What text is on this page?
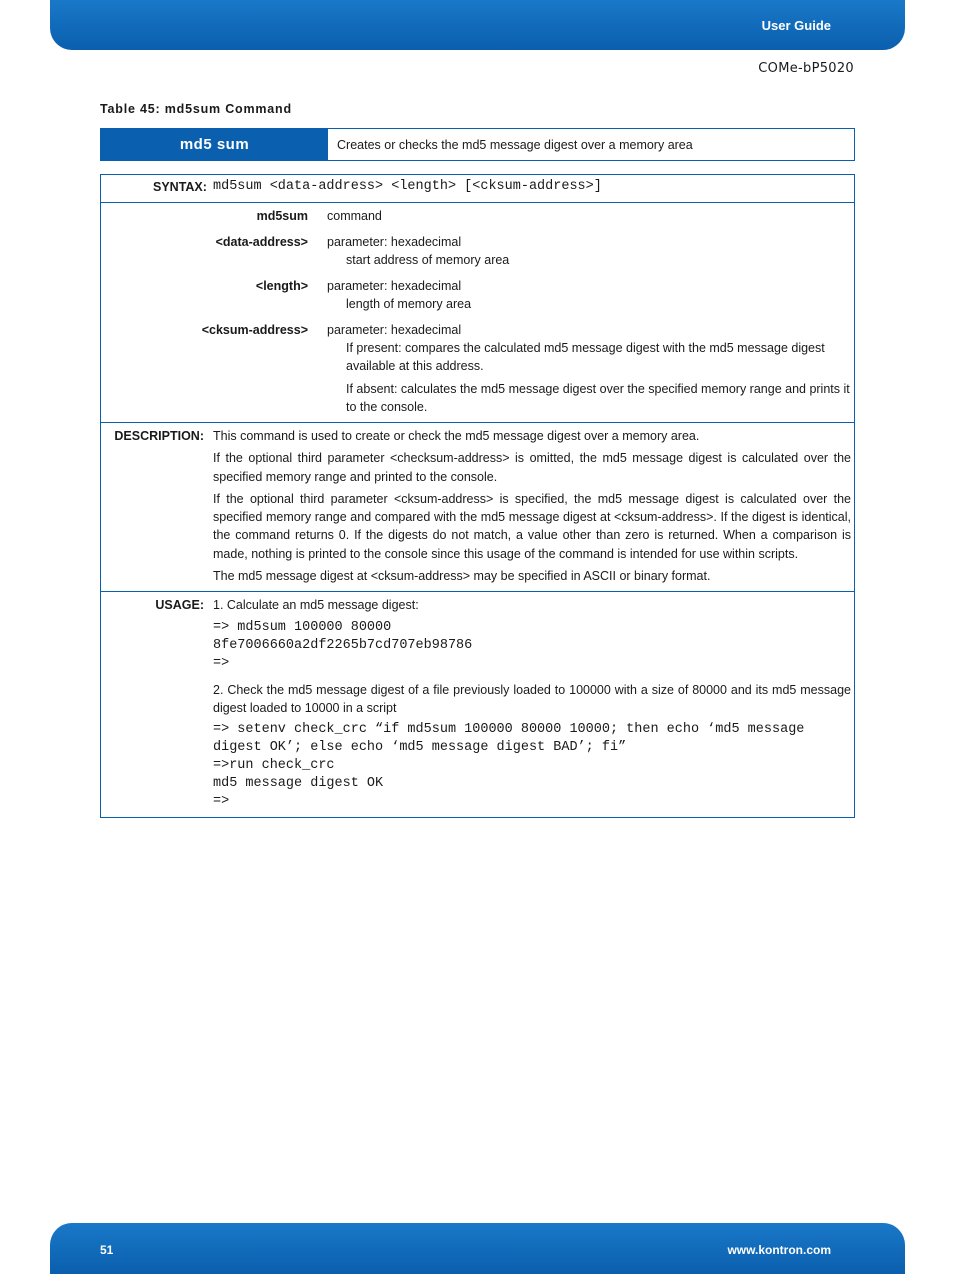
User Guide
COMe-bP5020
Table 45: md5sum Command
md5 sum	Creates or checks the md5 message digest over a memory area
SYNTAX: md5sum <data-address> <length> [<cksum-address>]
md5sum	command
<data-address>	parameter: hexadecimal
start address of memory area
<length>	parameter: hexadecimal
length of memory area
<cksum-address>	parameter: hexadecimal
If present: compares the calculated md5 message digest with the md5 message digest available at this address.
If absent: calculates the md5 message digest over the specified memory range and prints it to the console.
DESCRIPTION: This command is used to create or check the md5 message digest over a memory area.

If the optional third parameter <checksum-address> is omitted, the md5 message digest is calculated over the specified memory range and printed to the console.

If the optional third parameter <cksum-address> is specified, the md5 message digest is calculated over the specified memory range and compared with the md5 message digest at <cksum-address>. If the digest is identical, the command returns 0. If the digests do not match, a value other than zero is returned. When a comparison is made, nothing is printed to the console since this usage of the command is intended for use within scripts.

The md5 message digest at <cksum-address> may be specified in ASCII or binary format.

USAGE: 1. Calculate an md5 message digest:

=> md5sum 100000 80000
8fe7006660a2df2265b7cd707eb98786
=>

2. Check the md5 message digest of a file previously loaded to 100000 with a size of 80000 and its md5 message digest loaded to 10000 in a script

=> setenv check_crc “if md5sum 100000 80000 10000; then echo ‘md5 message digest OK’; else echo ‘md5 message digest BAD’; fi”
=>run check_crc
md5 message digest OK
=>
51	www.kontron.com
